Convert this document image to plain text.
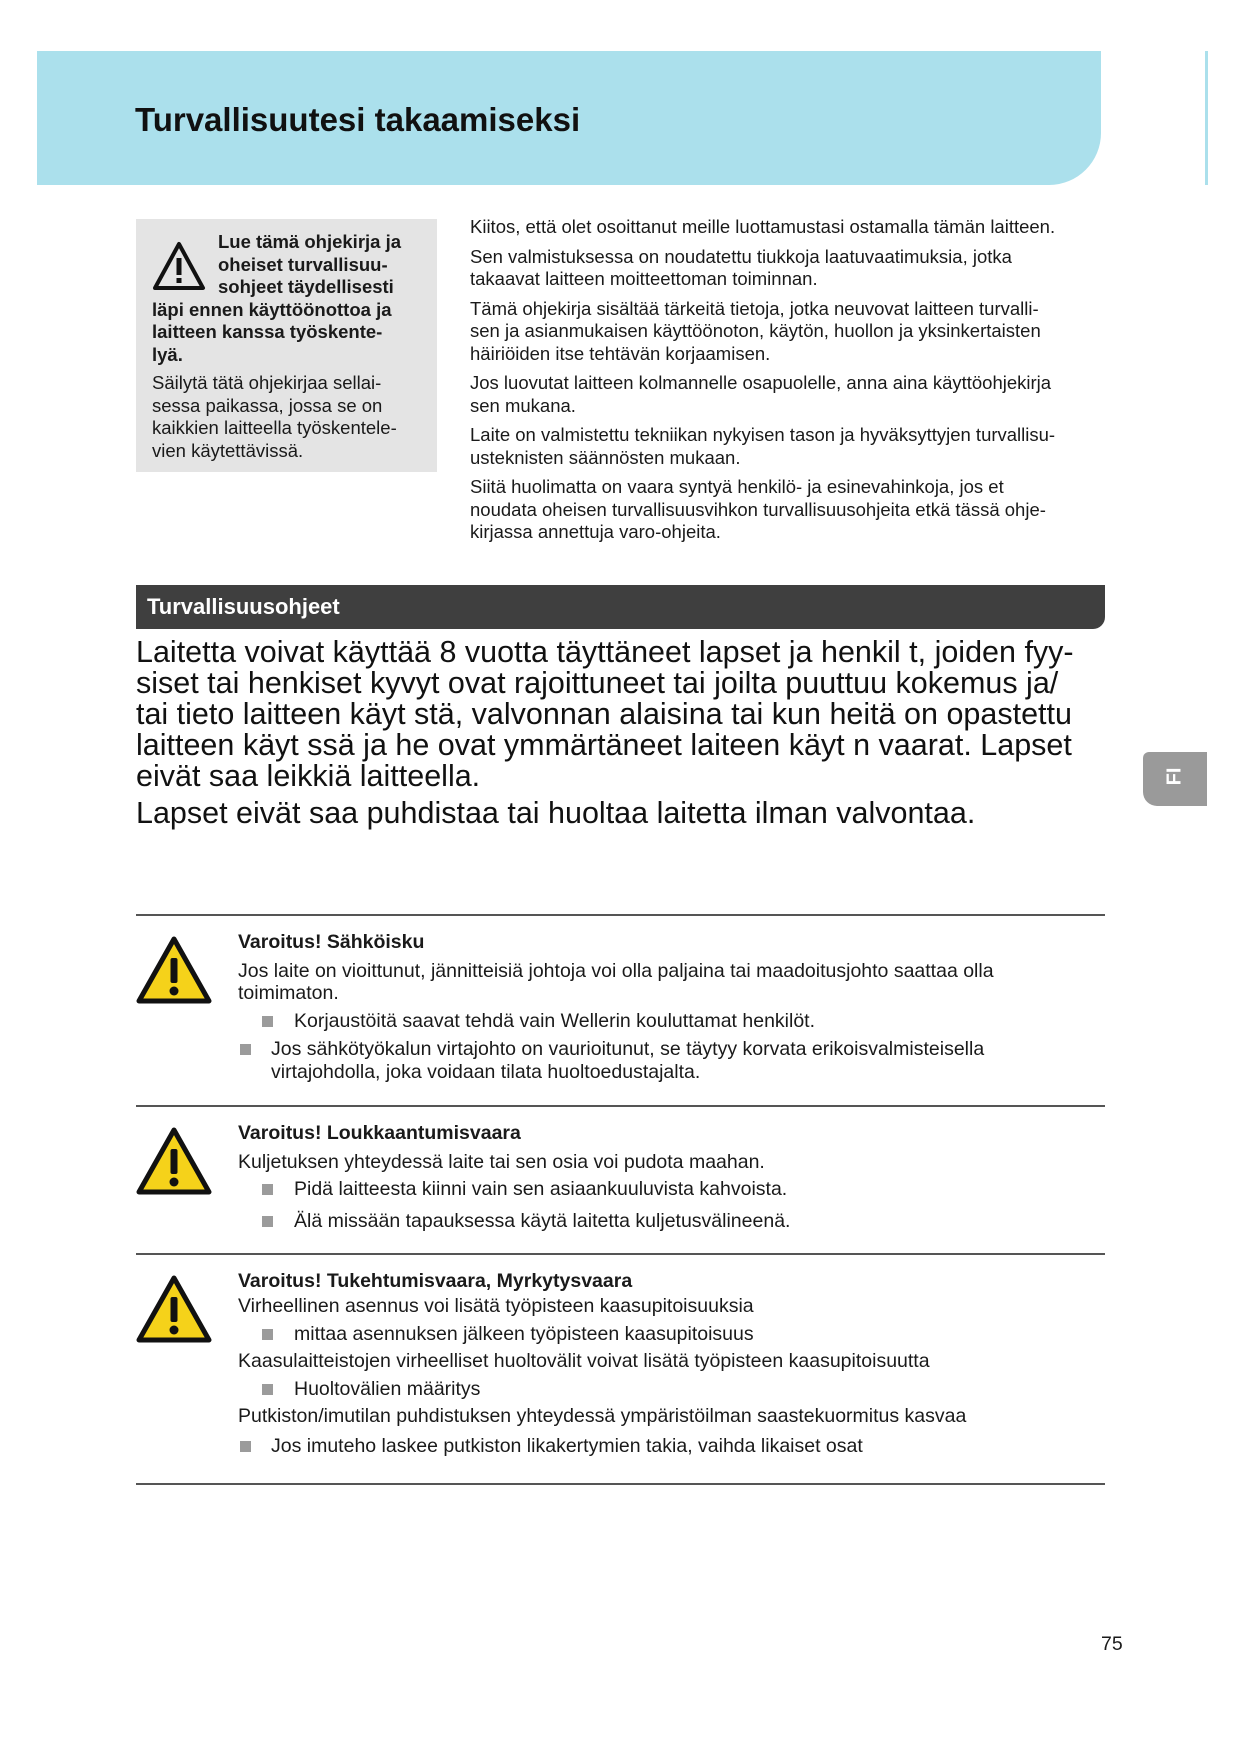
Turvallisuutesi takaamiseksi
Lue tämä ohjekirja ja
oheiset turvallisuu-
sohjeet täydellisesti
läpi ennen käyttöönottoa ja
laitteen kanssa työskente-
lyä.
Säilytä tätä ohjekirjaa sellai-
sessa paikassa, jossa se on
kaikkien laitteella työskentele-
vien käytettävissä.

Kiitos, että olet osoittanut meille luottamustasi ostamalla tämän laitteen.

Sen valmistuksessa on noudatettu tiukkoja laatuvaatimuksia, jotka
takaavat laitteen moitteettoman toiminnan.

Tämä ohjekirja sisältää tärkeitä tietoja, jotka neuvovat laitteen turvalli-
sen ja asianmukaisen käyttöönoton, käytön, huollon ja yksinkertaisten
häiriöiden itse tehtävän korjaamisen.

Jos luovutat laitteen kolmannelle osapuolelle, anna aina käyttöohjekirja
sen mukana.

Laite on valmistettu tekniikan nykyisen tason ja hyväksyttyjen turvallisu-
usteknisten säännösten mukaan.

Siitä huolimatta on vaara syntyä henkilö- ja esinevahinkoja, jos et
noudata oheisen turvallisuusvihkon turvallisuusohjeita etkä tässä ohje-
kirjassa annettuja varo-ohjeita.

Turvallisuusohjeet

Laitetta voivat käyttää 8 vuotta täyttäneet lapset ja henkil t, joiden fyy-
siset tai henkiset kyvyt ovat rajoittuneet tai joilta puuttuu kokemus ja/
tai tieto laitteen käyt stä, valvonnan alaisina tai kun heitä on opastettu
laitteen käyt ssä ja he ovat ymmärtäneet laiteen käyt n vaarat. Lapset
eivät saa leikkiä laitteella.

Lapset eivät saa puhdistaa tai huoltaa laitetta ilman valvontaa.

FI
Varoitus! Sähköisku
Jos laite on vioittunut, jännitteisiä johtoja voi olla paljaina tai maadoitusjohto saattaa olla
toimimaton.
Korjaustöitä saavat tehdä vain Wellerin kouluttamat henkilöt.
Jos sähkötyökalun virtajohto on vaurioitunut, se täytyy korvata erikoisvalmisteisella
virtajohdolla, joka voidaan tilata huoltoedustajalta.
Varoitus! Loukkaantumisvaara
Kuljetuksen yhteydessä laite tai sen osia voi pudota maahan.
Pidä laitteesta kiinni vain sen asiaankuuluvista kahvoista.
Älä missään tapauksessa käytä laitetta kuljetusvälineenä.
Varoitus! Tukehtumisvaara, Myrkytysvaara
Virheellinen asennus voi lisätä työpisteen kaasupitoisuuksia
mittaa asennuksen jälkeen työpisteen kaasupitoisuus
Kaasulaitteistojen virheelliset huoltovälit voivat lisätä työpisteen kaasupitoisuutta
Huoltovälien määritys
Putkiston/imutilan puhdistuksen yhteydessä ympäristöilman saastekuormitus kasvaa
Jos imuteho laskee putkiston likakertymien takia, vaihda likaiset osat
75
